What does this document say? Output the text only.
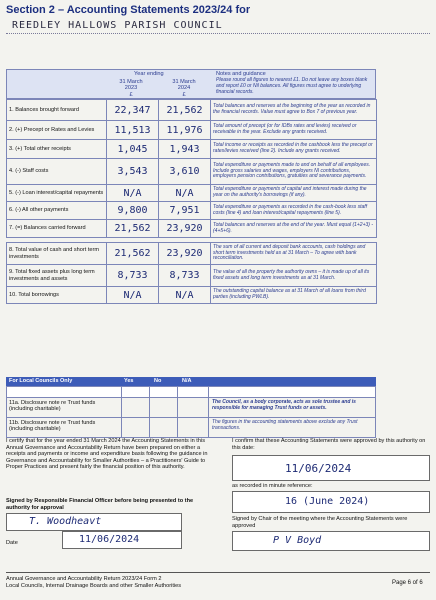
Section 2 – Accounting Statements 2023/24 for
REEDLEY HALLOWS PARISH COUNCIL
Year ending
31 March
2023
£
31 March
2024
£
Notes and guidance
Please round all figures to nearest £1. Do not leave any boxes blank and report £0 or Nil balances. All figures must agree to underlying financial records.
1. Balances brought forward	22,347	21,562	Total balances and reserves at the beginning of the year as recorded in the financial records. Value must agree to Box 7 of previous year.
2. (+) Precept or Rates and Levies	11,513	11,976	Total amount of precept (or for IDBs rates and levies) received or receivable in the year. Exclude any grants received.
3. (+) Total other receipts	1,045	1,943	Total income or receipts as recorded in the cashbook less the precept or rates/levies received (line 2). Include any grants received.
4. (-) Staff costs	3,543	3,610	Total expenditure or payments made to and on behalf of all employees. Include gross salaries and wages, employers NI contributions, employers pension contributions, gratuities and severance payments.
5. (-) Loan interest/capital repayments	N/A	N/A	Total expenditure or payments of capital and interest made during the year on the authority's borrowings (if any).
6. (-) All other payments	9,800	7,951	Total expenditure or payments as recorded in the cash-book less staff costs (line 4) and loan interest/capital repayments (line 5).
7. (=) Balances carried forward	21,562	23,920	Total balances and reserves at the end of the year. Must equal (1+2+3) - (4+5+6).

8. Total value of cash and short term investments	21,562	23,920	The sum of all current and deposit bank accounts, cash holdings and short term investments held as at 31 March – To agree with bank reconciliation.
9. Total fixed assets plus long term investments and assets	8,733	8,733	The value of all the property the authority owns – it is made up of all its fixed assets and long term investments as at 31 March.
10. Total borrowings	N/A	N/A	The outstanding capital balance as at 31 March of all loans from third parties (including PWLB).
For Local Councils Only	Yes	No	N/A
11a. Disclosure note re Trust funds (including charitable)
The Council, as a body corporate, acts as sole trustee and is responsible for managing Trust funds or assets.
11b. Disclosure note re Trust funds (including charitable)
The figures in the accounting statements above exclude any Trust transactions.
I certify that for the year ended 31 March 2024 the Accounting Statements in this Annual Governance and Accountability Return have been prepared on either a receipts and payments or income and expenditure basis following the guidance in Governance and Accountability for Smaller Authorities – a Practitioners' Guide to Proper Practices and present fairly the financial position of this authority.
Signed by Responsible Financial Officer before being presented to the authority for approval
T. Woodheavt
Date	11/06/2024
I confirm that these Accounting Statements were approved by this authority on this date:
11/06/2024
as recorded in minute reference:
16 (June 2024)
Signed by Chair of the meeting where the Accounting Statements were approved
P V Boyd
Annual Governance and Accountability Return 2023/24 Form 2
Local Councils, Internal Drainage Boards and other Smaller Authorities	Page 6 of 6
